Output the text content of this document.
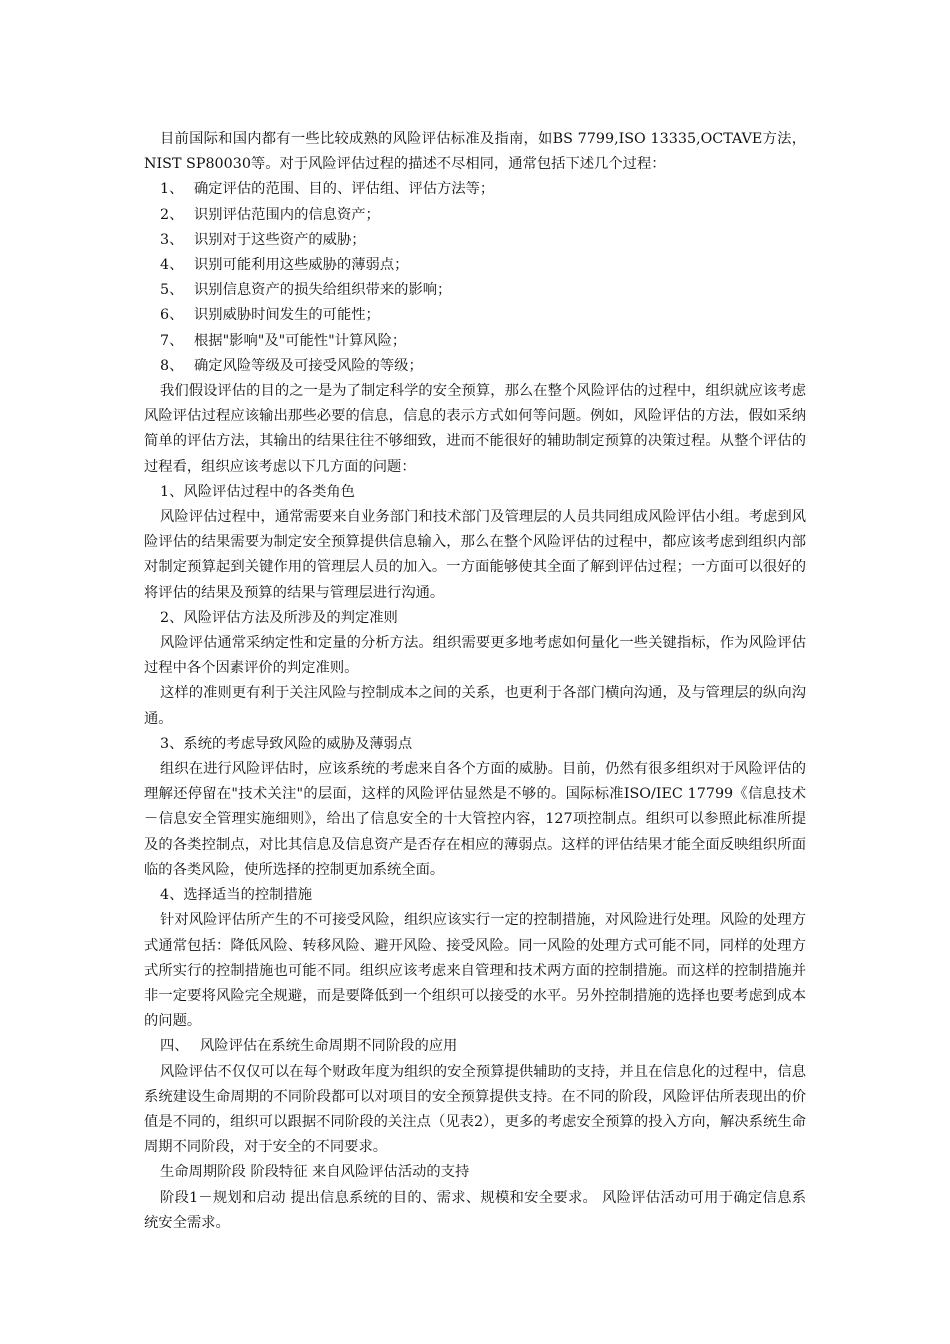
目前国际和国内都有一些比较成熟的风险评估标准及指南，如BS 7799,ISO 13335,OCTAVE方法，NIST SP80030等。对于风险评估过程的描述不尽相同，通常包括下述几个过程：

1、 确定评估的范围、目的、评估组、评估方法等；
2、 识别评估范围内的信息资产；
3、 识别对于这些资产的威胁；
4、 识别可能利用这些威胁的薄弱点；
5、 识别信息资产的损失给组织带来的影响；
6、 识别威胁时间发生的可能性；
7、 根据"影响"及"可能性"计算风险；
8、 确定风险等级及可接受风险的等级；

我们假设评估的目的之一是为了制定科学的安全预算，那么在整个风险评估的过程中，组织就应该考虑风险评估过程应该输出那些必要的信息，信息的表示方式如何等问题。例如，风险评估的方法，假如采纳简单的评估方法，其输出的结果往往不够细致，进而不能很好的辅助制定预算的决策过程。从整个评估的过程看，组织应该考虑以下几方面的问题：

1、风险评估过程中的各类角色

风险评估过程中，通常需要来自业务部门和技术部门及管理层的人员共同组成风险评估小组。考虑到风险评估的结果需要为制定安全预算提供信息输入，那么在整个风险评估的过程中，都应该考虑到组织内部对制定预算起到关键作用的管理层人员的加入。一方面能够使其全面了解到评估过程；一方面可以很好的将评估的结果及预算的结果与管理层进行沟通。

2、风险评估方法及所涉及的判定准则

风险评估通常采纳定性和定量的分析方法。组织需要更多地考虑如何量化一些关键指标，作为风险评估过程中各个因素评价的判定准则。

这样的准则更有利于关注风险与控制成本之间的关系，也更利于各部门横向沟通，及与管理层的纵向沟通。

3、系统的考虑导致风险的威胁及薄弱点

组织在进行风险评估时，应该系统的考虑来自各个方面的威胁。目前，仍然有很多组织对于风险评估的理解还停留在"技术关注"的层面，这样的风险评估显然是不够的。国际标准ISO/IEC 17799《信息技术－信息安全管理实施细则》，给出了信息安全的十大管控内容，127项控制点。组织可以参照此标准所提及的各类控制点，对比其信息及信息资产是否存在相应的薄弱点。这样的评估结果才能全面反映组织所面临的各类风险，使所选择的控制更加系统全面。

4、选择适当的控制措施

针对风险评估所产生的不可接受风险，组织应该实行一定的控制措施，对风险进行处理。风险的处理方式通常包括：降低风险、转移风险、避开风险、接受风险。同一风险的处理方式可能不同，同样的处理方式所实行的控制措施也可能不同。组织应该考虑来自管理和技术两方面的控制措施。而这样的控制措施并非一定要将风险完全规避，而是要降低到一个组织可以接受的水平。另外控制措施的选择也要考虑到成本的问题。

四、 风险评估在系统生命周期不同阶段的应用

风险评估不仅仅可以在每个财政年度为组织的安全预算提供辅助的支持，并且在信息化的过程中，信息系统建设生命周期的不同阶段都可以对项目的安全预算提供支持。在不同的阶段，风险评估所表现出的价值是不同的，组织可以跟据不同阶段的关注点（见表2），更多的考虑安全预算的投入方向，解决系统生命周期不同阶段，对于安全的不同要求。

生命周期阶段 阶段特征 来自风险评估活动的支持

阶段1－规划和启动 提出信息系统的目的、需求、规模和安全要求。 风险评估活动可用于确定信息系统安全需求。
